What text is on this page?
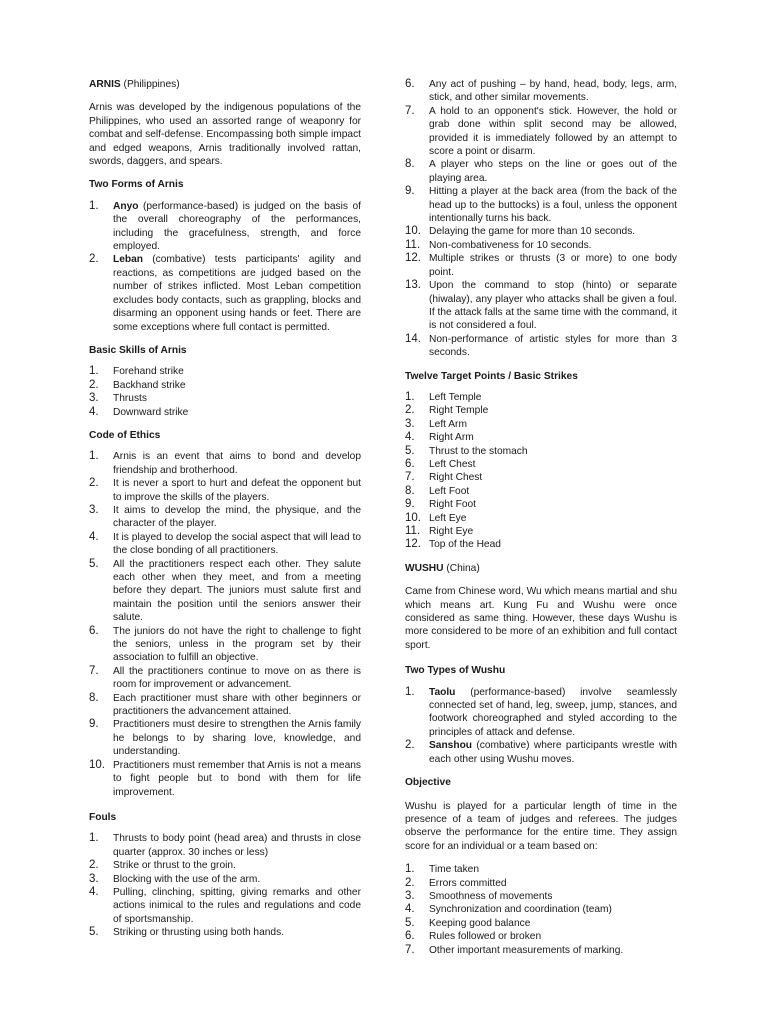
ARNIS (Philippines)

Arnis was developed by the indigenous populations of the Philippines, who used an assorted range of weaponry for combat and self-defense. Encompassing both simple impact and edged weapons, Arnis traditionally involved rattan, swords, daggers, and spears.

Two Forms of Arnis
1. Anyo (performance-based) is judged on the basis of the overall choreography of the performances, including the gracefulness, strength, and force employed.
2. Leban (combative) tests participants' agility and reactions, as competitions are judged based on the number of strikes inflicted. Most Leban competition excludes body contacts, such as grappling, blocks and disarming an opponent using hands or feet. There are some exceptions where full contact is permitted.
Basic Skills of Arnis
1. Forehand strike
2. Backhand strike
3. Thrusts
4. Downward strike
Code of Ethics
1. Arnis is an event that aims to bond and develop friendship and brotherhood.
2. It is never a sport to hurt and defeat the opponent but to improve the skills of the players.
3. It aims to develop the mind, the physique, and the character of the player.
4. It is played to develop the social aspect that will lead to the close bonding of all practitioners.
5. All the practitioners respect each other. They salute each other when they meet, and from a meeting before they depart. The juniors must salute first and maintain the position until the seniors answer their salute.
6. The juniors do not have the right to challenge to fight the seniors, unless in the program set by their association to fulfill an objective.
7. All the practitioners continue to move on as there is room for improvement or advancement.
8. Each practitioner must share with other beginners or practitioners the advancement attained.
9. Practitioners must desire to strengthen the Arnis family he belongs to by sharing love, knowledge, and understanding.
10. Practitioners must remember that Arnis is not a means to fight people but to bond with them for life improvement.
Fouls
1. Thrusts to body point (head area) and thrusts in close quarter (approx. 30 inches or less)
2. Strike or thrust to the groin.
3. Blocking with the use of the arm.
4. Pulling, clinching, spitting, giving remarks and other actions inimical to the rules and regulations and code of sportsmanship.
5. Striking or thrusting using both hands.
6. Any act of pushing – by hand, head, body, legs, arm, stick, and other similar movements.
7. A hold to an opponent's stick. However, the hold or grab done within split second may be allowed, provided it is immediately followed by an attempt to score a point or disarm.
8. A player who steps on the line or goes out of the playing area.
9. Hitting a player at the back area (from the back of the head up to the buttocks) is a foul, unless the opponent intentionally turns his back.
10. Delaying the game for more than 10 seconds.
11. Non-combativeness for 10 seconds.
12. Multiple strikes or thrusts (3 or more) to one body point.
13. Upon the command to stop (hinto) or separate (hiwalay), any player who attacks shall be given a foul. If the attack falls at the same time with the command, it is not considered a foul.
14. Non-performance of artistic styles for more than 3 seconds.
Twelve Target Points / Basic Strikes
1. Left Temple
2. Right Temple
3. Left Arm
4. Right Arm
5. Thrust to the stomach
6. Left Chest
7. Right Chest
8. Left Foot
9. Right Foot
10. Left Eye
11. Right Eye
12. Top of the Head
WUSHU (China)

Came from Chinese word, Wu which means martial and shu which means art. Kung Fu and Wushu were once considered as same thing. However, these days Wushu is more considered to be more of an exhibition and full contact sport.

Two Types of Wushu
1. Taolu (performance-based) involve seamlessly connected set of hand, leg, sweep, jump, stances, and footwork choreographed and styled according to the principles of attack and defense.
2. Sanshou (combative) where participants wrestle with each other using Wushu moves.
Objective

Wushu is played for a particular length of time in the presence of a team of judges and referees. The judges observe the performance for the entire time. They assign score for an individual or a team based on:

1. Time taken
2. Errors committed
3. Smoothness of movements
4. Synchronization and coordination (team)
5. Keeping good balance
6. Rules followed or broken
7. Other important measurements of marking.
